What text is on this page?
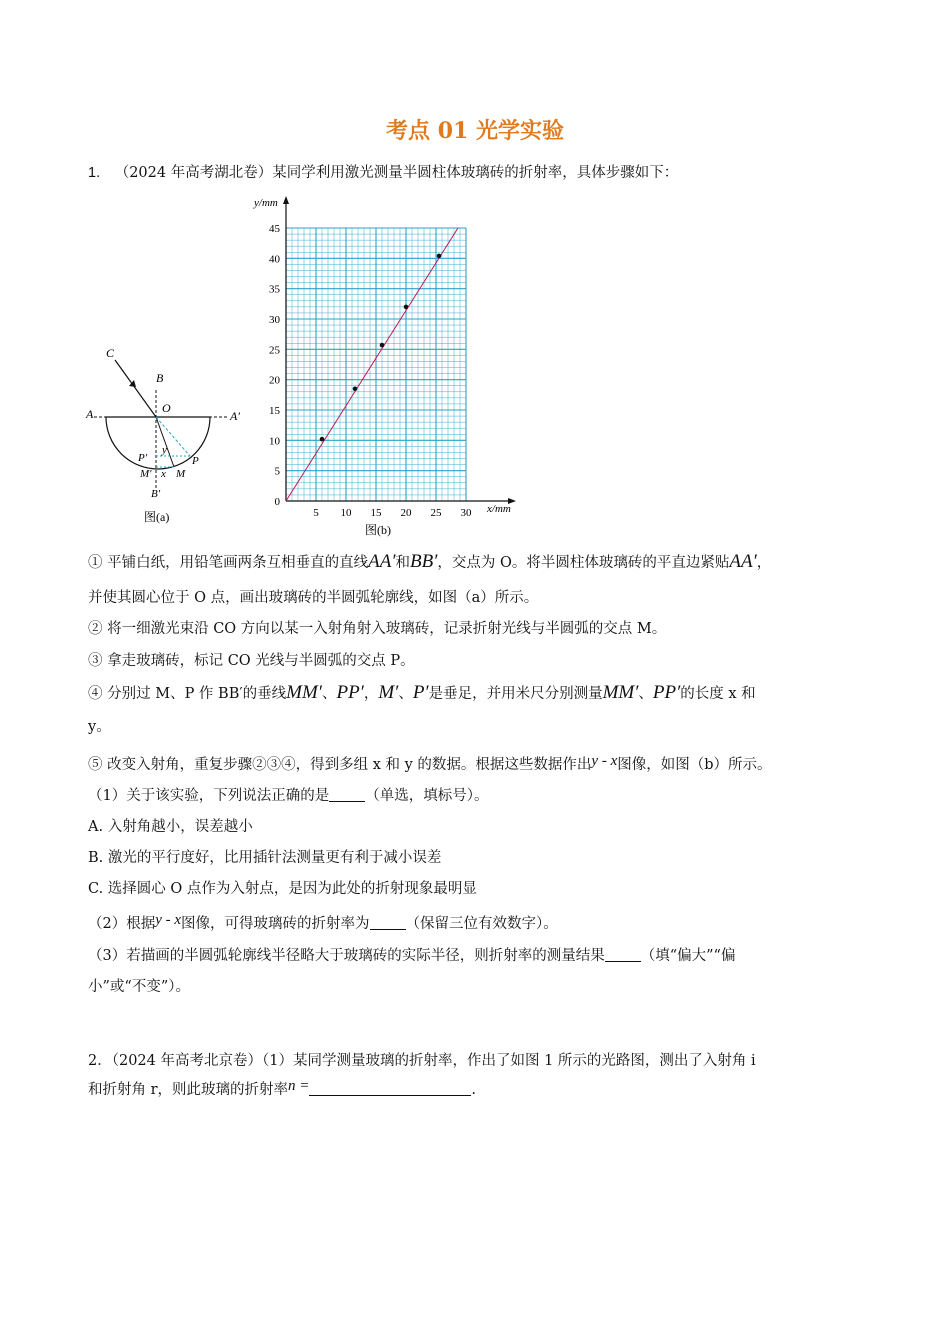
考点 01 光学实验
1. （2024 年高考湖北卷）某同学利用激光测量半圆柱体玻璃砖的折射率，具体步骤如下：
C
B
A	O
A′
y
P′
M′ x M
P
B′
图(a)	5 10 15 20 25 30
0
5
10
15
20
25
30
35
40
45
y/mm
x/mm
图(b)
① 平铺白纸，用铅笔画两条互相垂直的直线AA′和BB′，交点为 O。将半圆柱体玻璃砖的平直边紧贴AA′，
并使其圆心位于 O 点，画出玻璃砖的半圆弧轮廓线，如图（a）所示。
② 将一细激光束沿 CO 方向以某一入射角射入玻璃砖，记录折射光线与半圆弧的交点 M。
③ 拿走玻璃砖，标记 CO 光线与半圆弧的交点 P。
④ 分别过 M、P 作 BB′的垂线MM′、PP′，M′、P′是垂足，并用米尺分别测量MM′、PP′的长度 x 和
y。
⑤ 改变入射角，重复步骤②③④，得到多组 x 和 y 的数据。根据这些数据作出y - x图像，如图（b）所示。
（1）关于该实验，下列说法正确的是 （单选，填标号）。
A. 入射角越小，误差越小
B. 激光的平行度好，比用插针法测量更有利于减小误差
C. 选择圆心 O 点作为入射点，是因为此处的折射现象最明显
（2）根据y - x图像，可得玻璃砖的折射率为 （保留三位有效数字）。
（3）若描画的半圆弧轮廓线半径略大于玻璃砖的实际半径，则折射率的测量结果 （填“偏大”“偏
小”或“不变”）。
2．（2024 年高考北京卷）（1）某同学测量玻璃的折射率，作出了如图 1 所示的光路图，测出了入射角 i
和折射角 r，则此玻璃的折射率n =	.
